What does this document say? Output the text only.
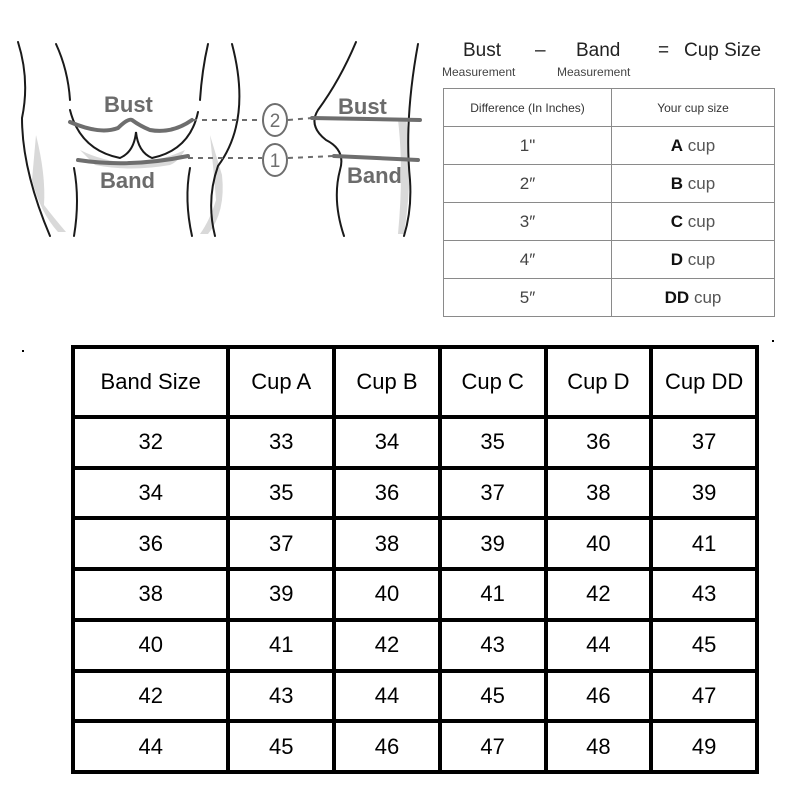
2
1
Bust
Band
Bust
Band
Bust
Measurement
– Band
Measurement
= Cup Size
Difference (In Inches)	Your cup size
1"	A cup
2″	B cup
3″	C cup
4″	D cup
5″	DD cup
Band Size	Cup A	Cup B	Cup C	Cup D	Cup DD
32	33	34	35	36	37
34	35	36	37	38	39
36	37	38	39	40	41
38	39	40	41	42	43
40	41	42	43	44	45
42	43	44	45	46	47
44	45	46	47	48	49
